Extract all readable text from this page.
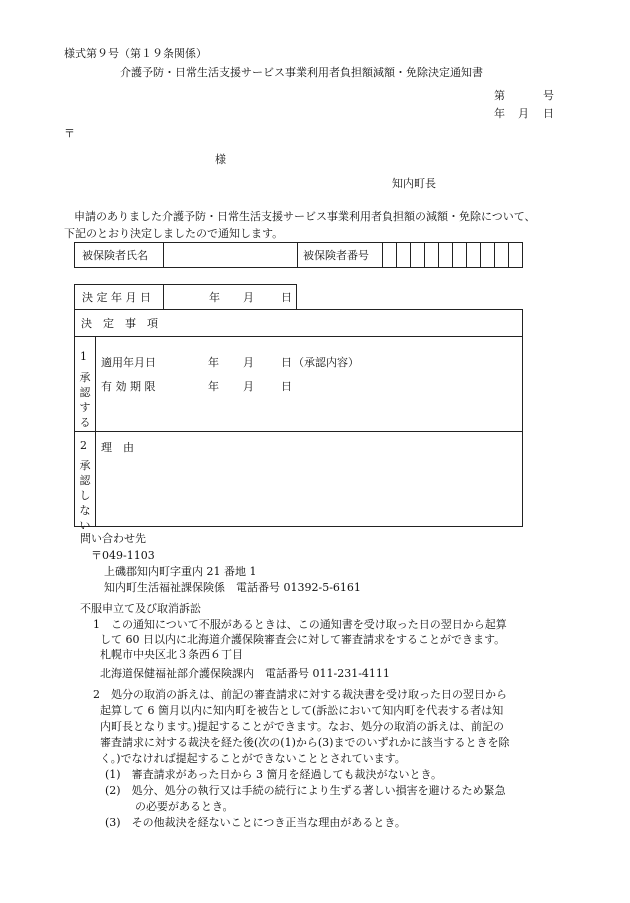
様式第９号（第１９条関係）
介護予防・日常生活支援サービス事業利用者負担額減額・免除決定通知書
第	号
年 月 日
〒
様
知内町長
申請のありました介護予防・日常生活支援サービス事業利用者負担額の減額・免除について、
下記のとおり決定しましたので通知します。
被保険者氏名	被保険者番号
決 定 年 月 日	年 月 日
決　定　事　項
1
承
認
す
る
適用年月日	年 月 日 （承認内容）
有 効 期 限	年 月 日
2
承
認
し
な
い
理　由
問い合わせ先
〒049-1103
上磯郡知内町字重内 21 番地 1
知内町生活福祉課保険係　電話番号 01392-5-6161
不服申立て及び取消訴訟
1　この通知について不服があるときは、この通知書を受け取った日の翌日から起算
して 60 日以内に北海道介護保険審査会に対して審査請求をすることができます。
札幌市中央区北３条西６丁目
北海道保健福祉部介護保険課内　電話番号 011-231-4111
2　処分の取消の訴えは、前記の審査請求に対する裁決書を受け取った日の翌日から
起算して 6 箇月以内に知内町を被告として(訴訟において知内町を代表する者は知
内町長となります。)提起することができます。なお、処分の取消の訴えは、前記の
審査請求に対する裁決を経た後(次の(1)から(3)までのいずれかに該当するときを除
く。)でなければ提起することができないこととされています。
(1)　審査請求があった日から 3 箇月を経過しても裁決がないとき。
(2)　処分、処分の執行又は手続の続行により生ずる著しい損害を避けるため緊急
の必要があるとき。
(3)　その他裁決を経ないことにつき正当な理由があるとき。
